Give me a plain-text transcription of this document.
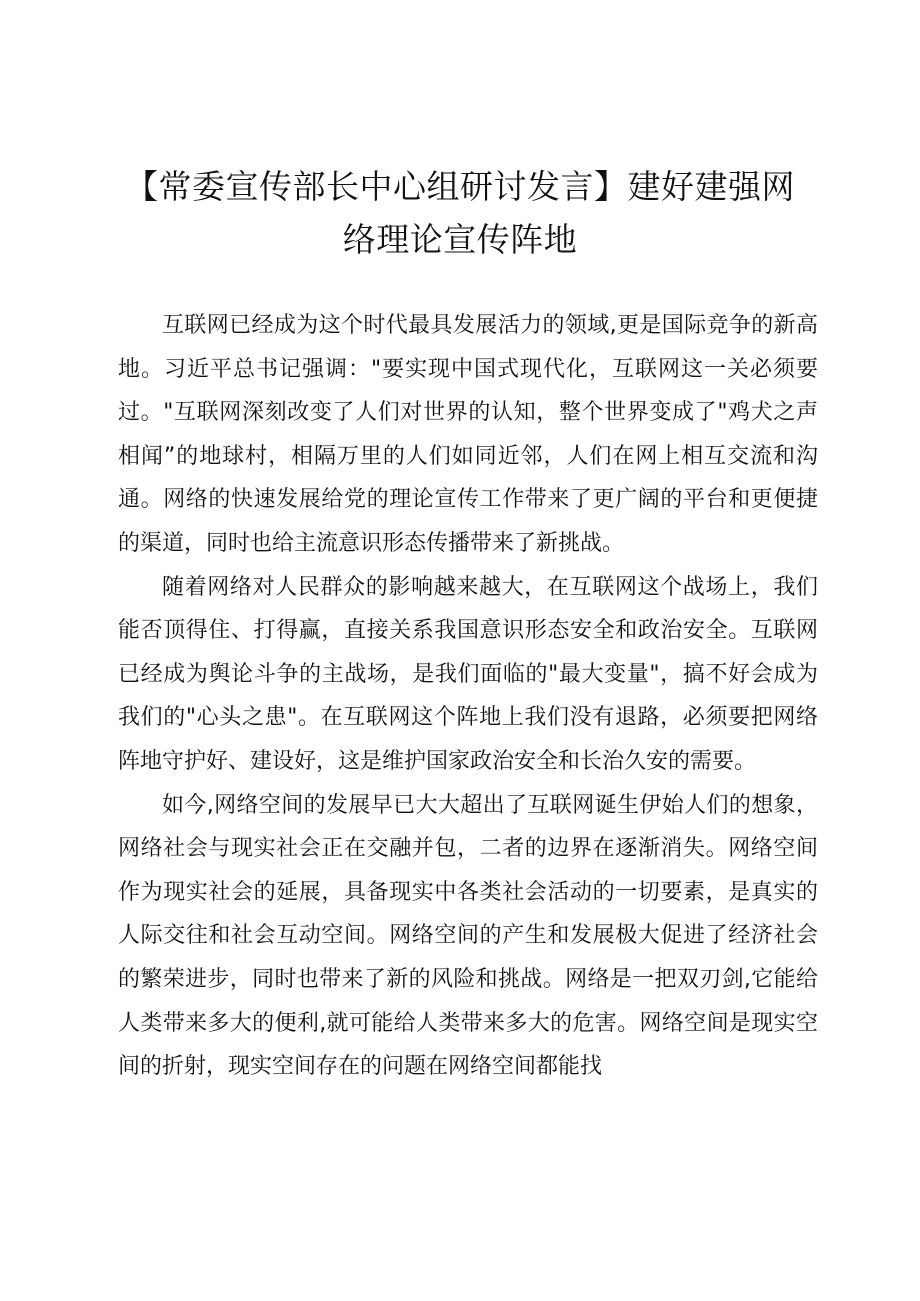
【常委宣传部长中心组研讨发言】建好建强网
络理论宣传阵地

互联网已经成为这个时代最具发展活力的领域,更是国际竞争的新高地。习近平总书记强调："要实现中国式现代化，互联网这一关必须要过。"互联网深刻改变了人们对世界的认知，整个世界变成了"鸡犬之声相闻”的地球村，相隔万里的人们如同近邻，人们在网上相互交流和沟通。网络的快速发展给党的理论宣传工作带来了更广阔的平台和更便捷的渠道，同时也给主流意识形态传播带来了新挑战。

随着网络对人民群众的影响越来越大，在互联网这个战场上，我们能否顶得住、打得赢，直接关系我国意识形态安全和政治安全。互联网已经成为舆论斗争的主战场，是我们面临的"最大变量"，搞不好会成为我们的"心头之患"。在互联网这个阵地上我们没有退路，必须要把网络阵地守护好、建设好，这是维护国家政治安全和长治久安的需要。

如今,网络空间的发展早已大大超出了互联网诞生伊始人们的想象，网络社会与现实社会正在交融并包，二者的边界在逐渐消失。网络空间作为现实社会的延展，具备现实中各类社会活动的一切要素，是真实的人际交往和社会互动空间。网络空间的产生和发展极大促进了经济社会的繁荣进步，同时也带来了新的风险和挑战。网络是一把双刃剑,它能给人类带来多大的便利,就可能给人类带来多大的危害。网络空间是现实空间的折射，现实空间存在的问题在网络空间都能找
